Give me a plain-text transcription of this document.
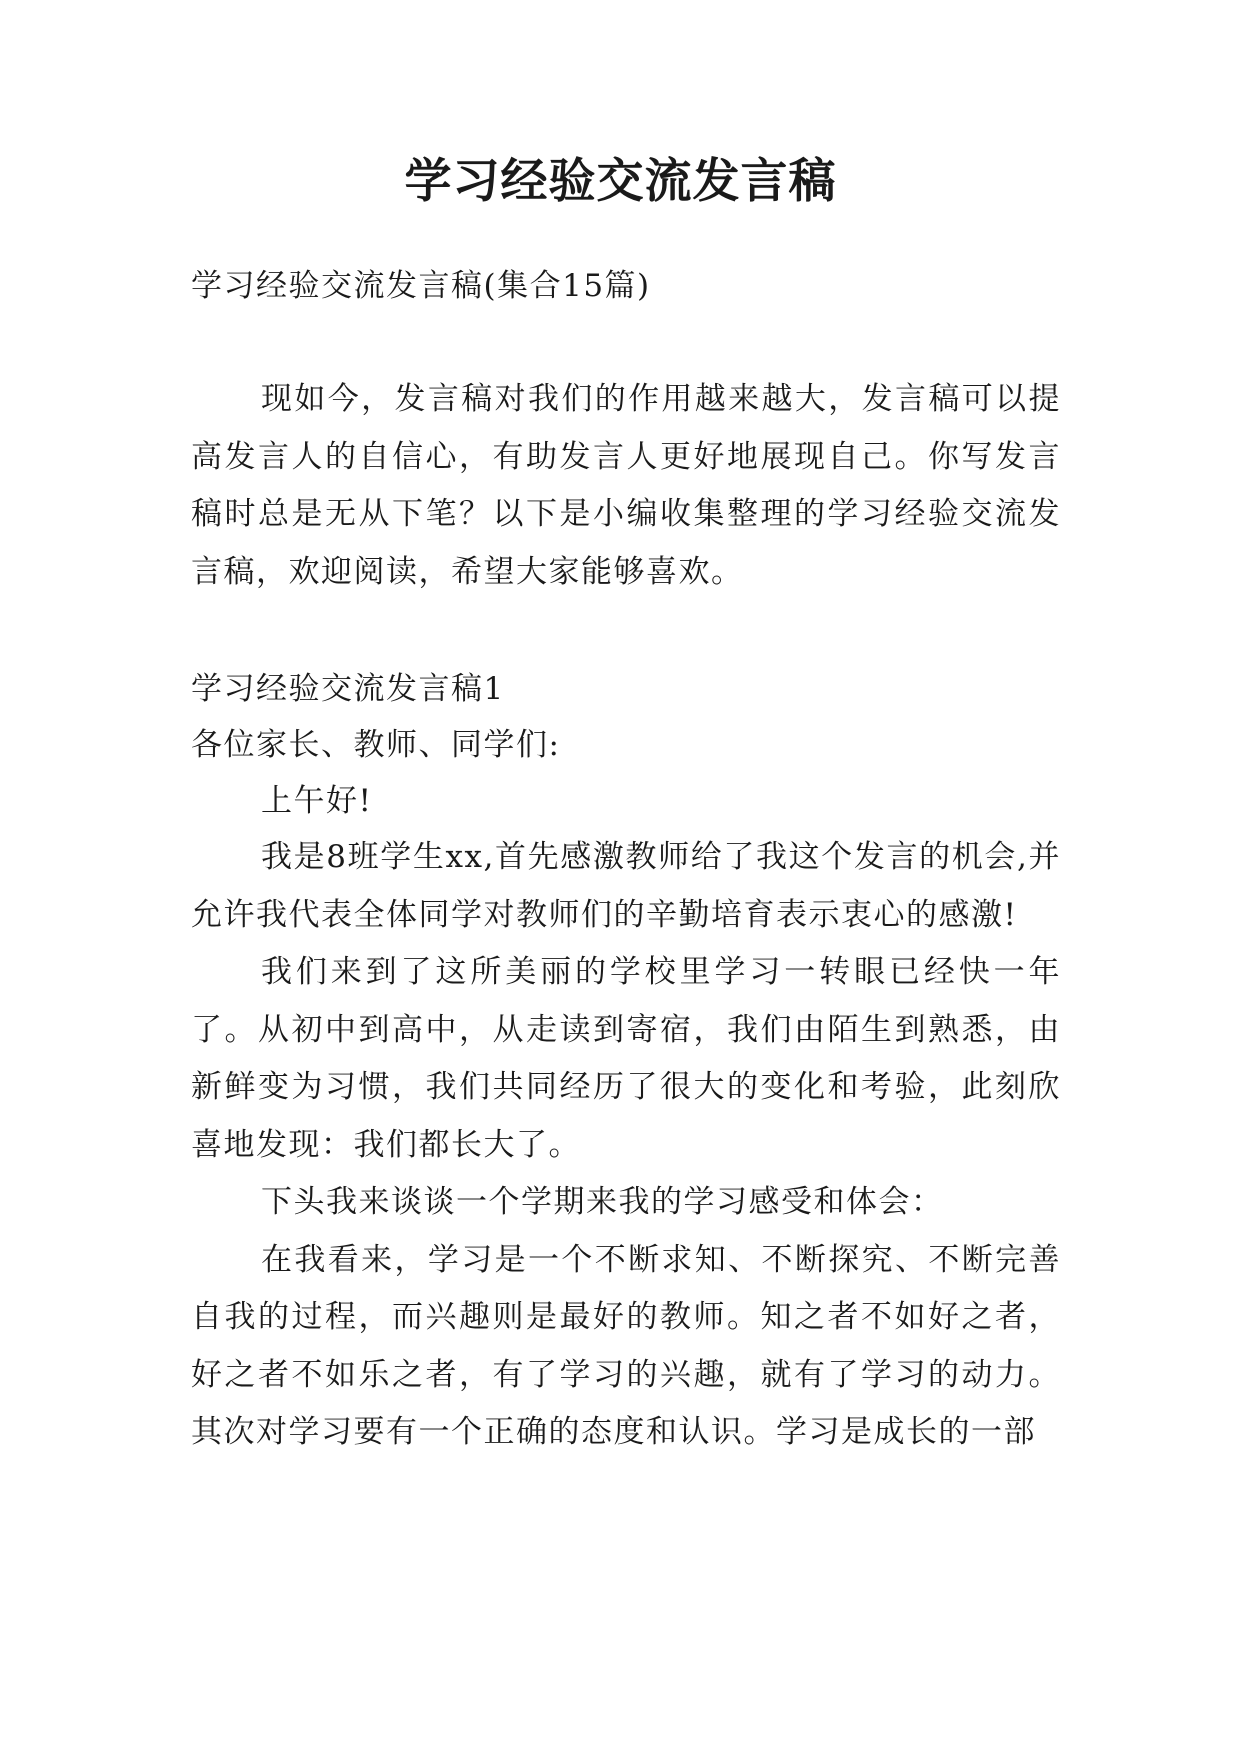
学习经验交流发言稿

学习经验交流发言稿(集合15篇)

现如今，发言稿对我们的作用越来越大，发言稿可以提高发言人的自信心，有助发言人更好地展现自己。你写发言稿时总是无从下笔？以下是小编收集整理的学习经验交流发言稿，欢迎阅读，希望大家能够喜欢。

学习经验交流发言稿1

各位家长、教师、同学们:

上午好!

我是8班学生xx,首先感激教师给了我这个发言的机会,并允许我代表全体同学对教师们的辛勤培育表示衷心的感激!

我们来到了这所美丽的学校里学习一转眼已经快一年了。从初中到高中，从走读到寄宿，我们由陌生到熟悉，由新鲜变为习惯，我们共同经历了很大的变化和考验，此刻欣喜地发现：我们都长大了。

下头我来谈谈一个学期来我的学习感受和体会：

在我看来，学习是一个不断求知、不断探究、不断完善自我的过程，而兴趣则是最好的教师。知之者不如好之者，好之者不如乐之者，有了学习的兴趣，就有了学习的动力。其次对学习要有一个正确的态度和认识。学习是成长的一部
